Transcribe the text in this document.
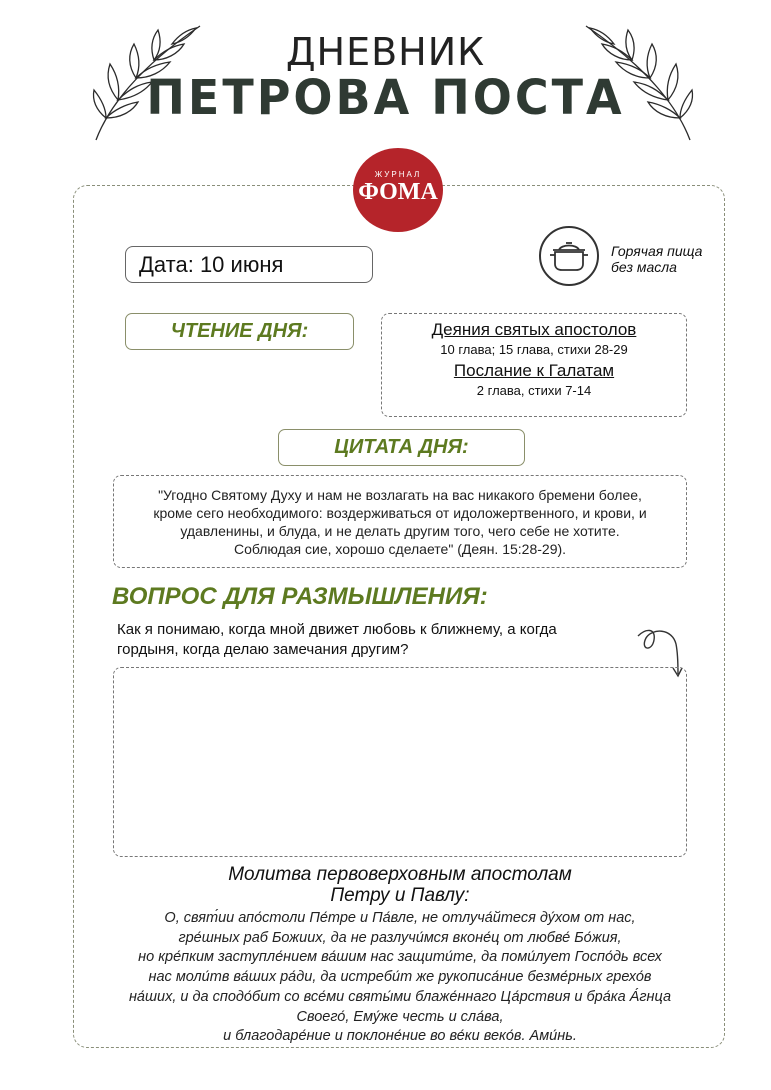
ДНЕВНИК
ПЕТРОВА ПОСТА
ЖУРНАЛ
ФОМА
Дата: 10 июня
Горячая пища
без масла
ЧТЕНИЕ ДНЯ:	Деяния святых апостолов
10 глава; 15 глава, стихи 28-29
Послание к Галатам
2 глава, стихи 7-14
ЦИТАТА ДНЯ:
"Угодно Святому Духу и нам не возлагать на вас никакого бремени более,
кроме сего необходимого: воздерживаться от идоложертвенного, и крови, и
удавленины, и блуда, и не делать другим того, чего себе не хотите.
Соблюдая сие, хорошо сделаете" (Деян. 15:28-29).
ВОПРОС ДЛЯ РАЗМЫШЛЕНИЯ:
Как я понимаю, когда мной движет любовь к ближнему, а когда
гордыня, когда делаю замечания другим?
Молитва первоверховным апостолам
Петру и Павлу:
О, свят́ии апо́столи Пе́тре и Па́вле, не отлуча́йтеся ду́хом от нас,
гре́шных раб Божиих, да не разлучи́мся вконе́ц от любве́ Бо́жия,
но кре́пким заступле́нием ва́шим нас защити́те, да поми́лует Госпо́дь всех
нас моли́тв ва́ших ра́ди, да истреби́т же рукописа́ние безме́рных грехо́в
на́ших, и да сподо́бит со все́ми святы́ми блаже́ннаго Ца́рствия и бра́ка А́гнца
Своего́, Ему́же честь и сла́ва,
и благодаре́ние и поклоне́ние во ве́ки веко́в. Ами́нь.
